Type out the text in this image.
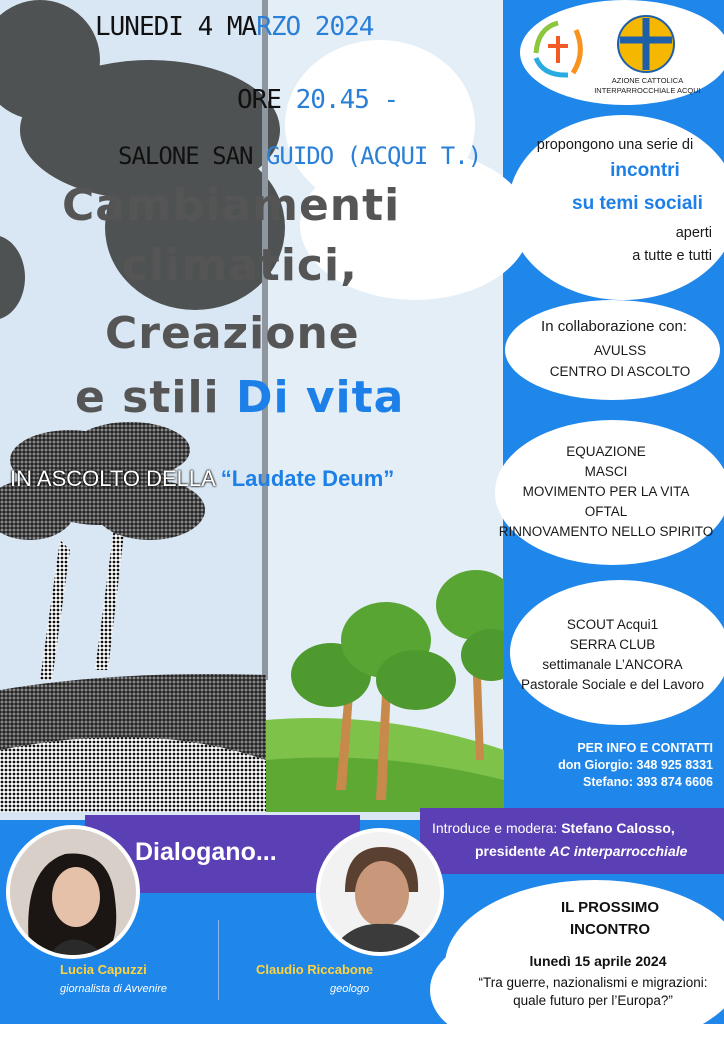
LUNEDI 4 MARZO 2024
ORE 20.45 -
SALONE SAN GUIDO (ACQUI T.)
Cambiamenti
climatici,
Creazione
e stili Di vita
IN ASCOLTO DELLA “Laudate Deum”
AZIONE CATTOLICA
INTERPARROCCHIALE ACQUI
propongono una serie di
incontri
su temi sociali
aperti
a tutte e tutti
In collaborazione con:
AVULSS
CENTRO DI ASCOLTO
EQUAZIONE
MASCI
MOVIMENTO PER LA VITA
OFTAL
RINNOVAMENTO NELLO SPIRITO
SCOUT Acqui1
SERRA CLUB
settimanale L’ANCORA
Pastorale Sociale e del Lavoro
PER INFO E CONTATTI
don Giorgio: 348 925 8331
Stefano: 393 874 6606
Introduce e modera: Stefano Calosso,
presidente AC interparrocchiale
Dialogano...
Lucia Capuzzi
giornalista di Avvenire
Claudio Riccabone
geologo
IL PROSSIMO
INCONTRO
lunedì 15 aprile 2024
“Tra guerre, nazionalismi e migrazioni:
quale futuro per l’Europa?”
